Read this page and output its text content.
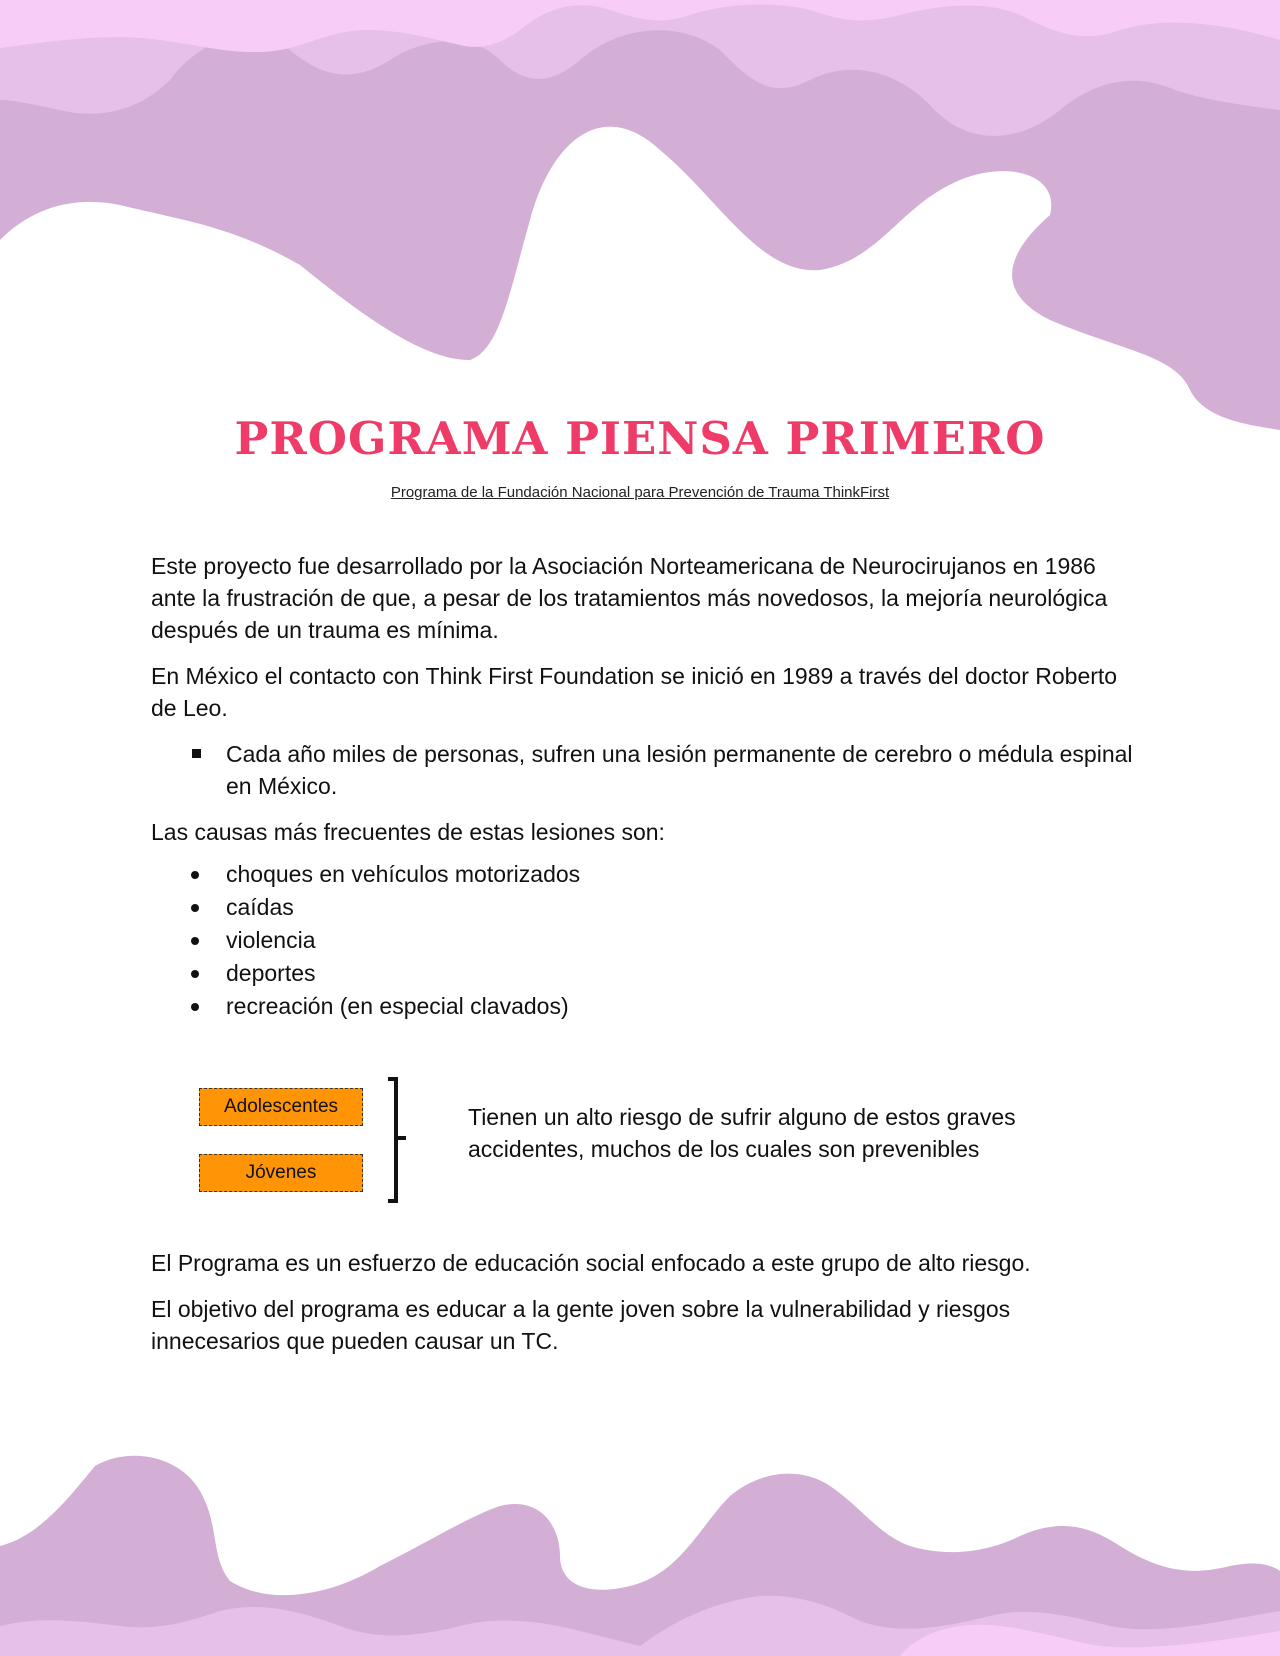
PROGRAMA PIENSA PRIMERO
Programa de la Fundación Nacional para Prevención de Trauma ThinkFirst

Este proyecto fue desarrollado por la Asociación Norteamericana de Neurocirujanos en 1986 ante la frustración de que, a pesar de los tratamientos más novedosos, la mejoría neurológica después de un trauma es mínima.

En México el contacto con Think First Foundation se inició en 1989 a través del doctor Roberto de Leo.

Cada año miles de personas, sufren una lesión permanente de cerebro o médula espinal en México.

Las causas más frecuentes de estas lesiones son:

choques en vehículos motorizados
caídas
violencia
deportes
recreación (en especial clavados)
Adolescentes
Jóvenes
Tienen un alto riesgo de sufrir alguno de estos graves accidentes, muchos de los cuales son prevenibles

El Programa es un esfuerzo de educación social enfocado a este grupo de alto riesgo.

El objetivo del programa es educar a la gente joven sobre la vulnerabilidad y riesgos innecesarios que pueden causar un TC.
